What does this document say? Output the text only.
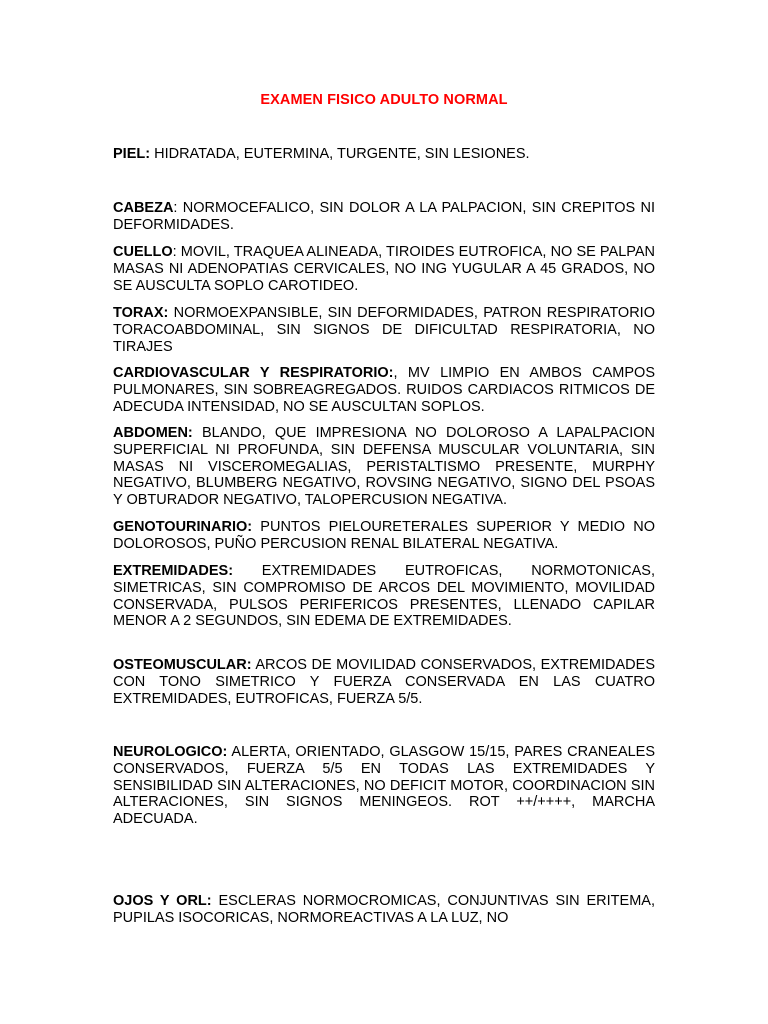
EXAMEN FISICO ADULTO NORMAL
PIEL: HIDRATADA, EUTERMINA, TURGENTE, SIN LESIONES.
CABEZA: NORMOCEFALICO, SIN DOLOR A LA PALPACION, SIN CREPITOS NI DEFORMIDADES.
CUELLO: MOVIL, TRAQUEA ALINEADA, TIROIDES EUTROFICA, NO SE PALPAN MASAS NI ADENOPATIAS CERVICALES, NO ING YUGULAR A 45 GRADOS, NO SE AUSCULTA SOPLO CAROTIDEO.
TORAX: NORMOEXPANSIBLE, SIN DEFORMIDADES, PATRON RESPIRATORIO TORACOABDOMINAL, SIN SIGNOS DE DIFICULTAD RESPIRATORIA, NO TIRAJES
CARDIOVASCULAR Y RESPIRATORIO:, MV LIMPIO EN AMBOS CAMPOS PULMONARES, SIN SOBREAGREGADOS. RUIDOS CARDIACOS RITMICOS DE ADECUDA INTENSIDAD, NO SE AUSCULTAN SOPLOS.
ABDOMEN: BLANDO, QUE IMPRESIONA NO DOLOROSO A LAPALPACION SUPERFICIAL NI PROFUNDA, SIN DEFENSA MUSCULAR VOLUNTARIA, SIN MASAS NI VISCEROMEGALIAS, PERISTALTISMO PRESENTE, MURPHY NEGATIVO, BLUMBERG NEGATIVO, ROVSING NEGATIVO, SIGNO DEL PSOAS Y OBTURADOR NEGATIVO, TALOPERCUSION NEGATIVA.
GENOTOURINARIO: PUNTOS PIELOURETERALES SUPERIOR Y MEDIO NO DOLOROSOS, PUÑO PERCUSION RENAL BILATERAL NEGATIVA.
EXTREMIDADES: EXTREMIDADES EUTROFICAS, NORMOTONICAS, SIMETRICAS, SIN COMPROMISO DE ARCOS DEL MOVIMIENTO, MOVILIDAD CONSERVADA, PULSOS PERIFERICOS PRESENTES, LLENADO CAPILAR MENOR A 2 SEGUNDOS, SIN EDEMA DE EXTREMIDADES.
OSTEOMUSCULAR: ARCOS DE MOVILIDAD CONSERVADOS, EXTREMIDADES CON TONO SIMETRICO Y FUERZA CONSERVADA EN LAS CUATRO EXTREMIDADES, EUTROFICAS, FUERZA 5/5.
NEUROLOGICO: ALERTA, ORIENTADO, GLASGOW 15/15, PARES CRANEALES CONSERVADOS, FUERZA 5/5 EN TODAS LAS EXTREMIDADES Y SENSIBILIDAD SIN ALTERACIONES, NO DEFICIT MOTOR, COORDINACION SIN ALTERACIONES, SIN SIGNOS MENINGEOS. ROT ++/++++, MARCHA ADECUADA.
OJOS Y ORL: ESCLERAS NORMOCROMICAS, CONJUNTIVAS SIN ERITEMA, PUPILAS ISOCORICAS, NORMOREACTIVAS A LA LUZ, NO
